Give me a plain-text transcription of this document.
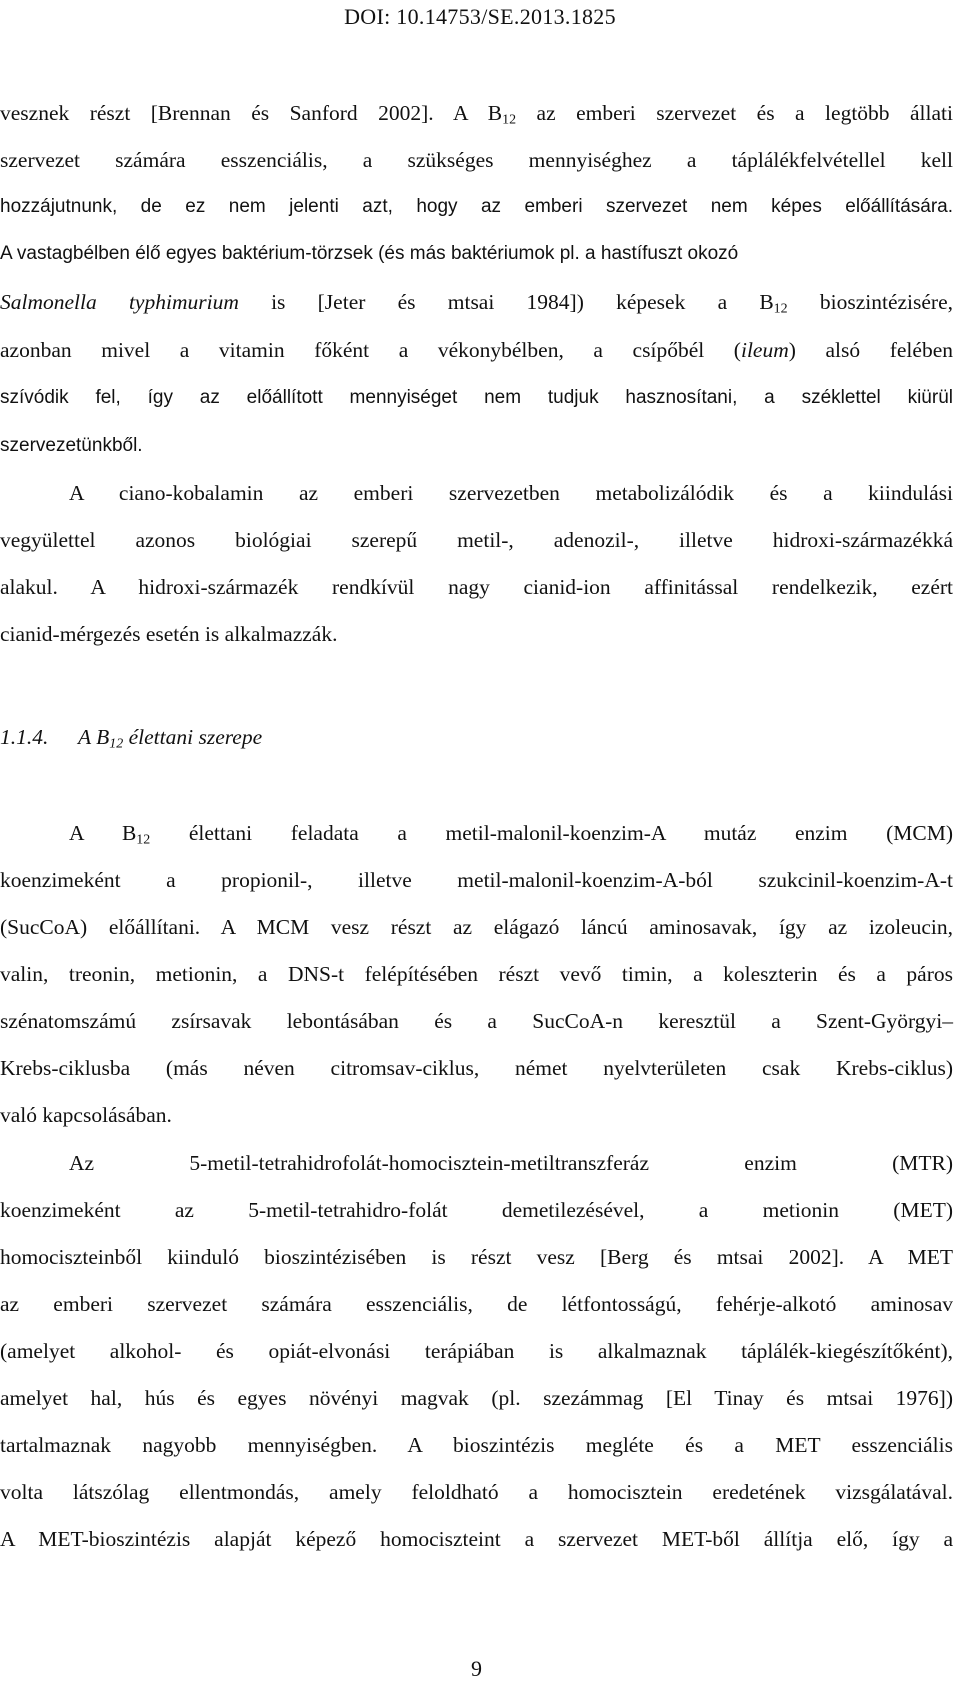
DOI: 10.14753/SE.2013.1825
vesznek részt [Brennan és Sanford 2002]. A $B_{12}$ az emberi szervezet és a legtöbb állati
szervezet számára esszenciális, a szükséges mennyiséghez a táplálékfelvétellel kell
hozzájutnunk, de ez nem jelenti azt, hogy az emberi szervezet nem képes előállítására.
A vastagbélben élő egyes baktérium-törzsek (és más baktériumok pl. a hastífuszt okozó
Salmonella typhimurium is [Jeter és mtsai 1984]) képesek a $B_{12}$ bioszintézisére,
azonban mivel a vitamin főként a vékonybélben, a csípőbél (ileum) alsó felében
szívódik fel, így az előállított mennyiséget nem tudjuk hasznosítani, a széklettel kiürül
szervezetünkből.
A ciano-kobalamin az emberi szervezetben metabolizálódik és a kiindulási
vegyülettel azonos biológiai szerepű metil-, adenozil-, illetve hidroxi-származékká
alakul. A hidroxi-származék rendkívül nagy cianid-ion affinitással rendelkezik, ezért
cianid-mérgezés esetén is alkalmazzák.
1.1.4. A $B_{12}$ élettani szerepe
A $B_{12}$ élettani feladata a metil-malonil-koenzim-A mutáz enzim (MCM)
koenzimeként a propionil-, illetve metil-malonil-koenzim-A-ból szukcinil-koenzim-A-t
(SucCoA) előállítani. A MCM vesz részt az elágazó láncú aminosavak, így az izoleucin,
valin, treonin, metionin, a DNS-t felépítésében részt vevő timin, a koleszterin és a páros
szénatomszámú zsírsavak lebontásában és a SucCoA-n keresztül a Szent-Györgyi–
Krebs-ciklusba (más néven citromsav-ciklus, német nyelvterületen csak Krebs-ciklus)
való kapcsolásában.
Az 5-metil-tetrahidrofolát-homocisztein-metiltranszferáz enzim (MTR)
koenzimeként az 5-metil-tetrahidro-folát demetilezésével, a metionin (MET)
homociszteinből kiinduló bioszintézisében is részt vesz [Berg és mtsai 2002]. A MET
az emberi szervezet számára esszenciális, de létfontosságú, fehérje-alkotó aminosav
(amelyet alkohol- és opiát-elvonási terápiában is alkalmaznak táplálék-kiegészítőként),
amelyet hal, hús és egyes növényi magvak (pl. szezámmag [El Tinay és mtsai 1976])
tartalmaznak nagyobb mennyiségben. A bioszintézis megléte és a MET esszenciális
volta látszólag ellentmondás, amely feloldható a homocisztein eredetének vizsgálatával.
A MET-bioszintézis alapját képező homociszteint a szervezet MET-ből állítja elő, így a
9
